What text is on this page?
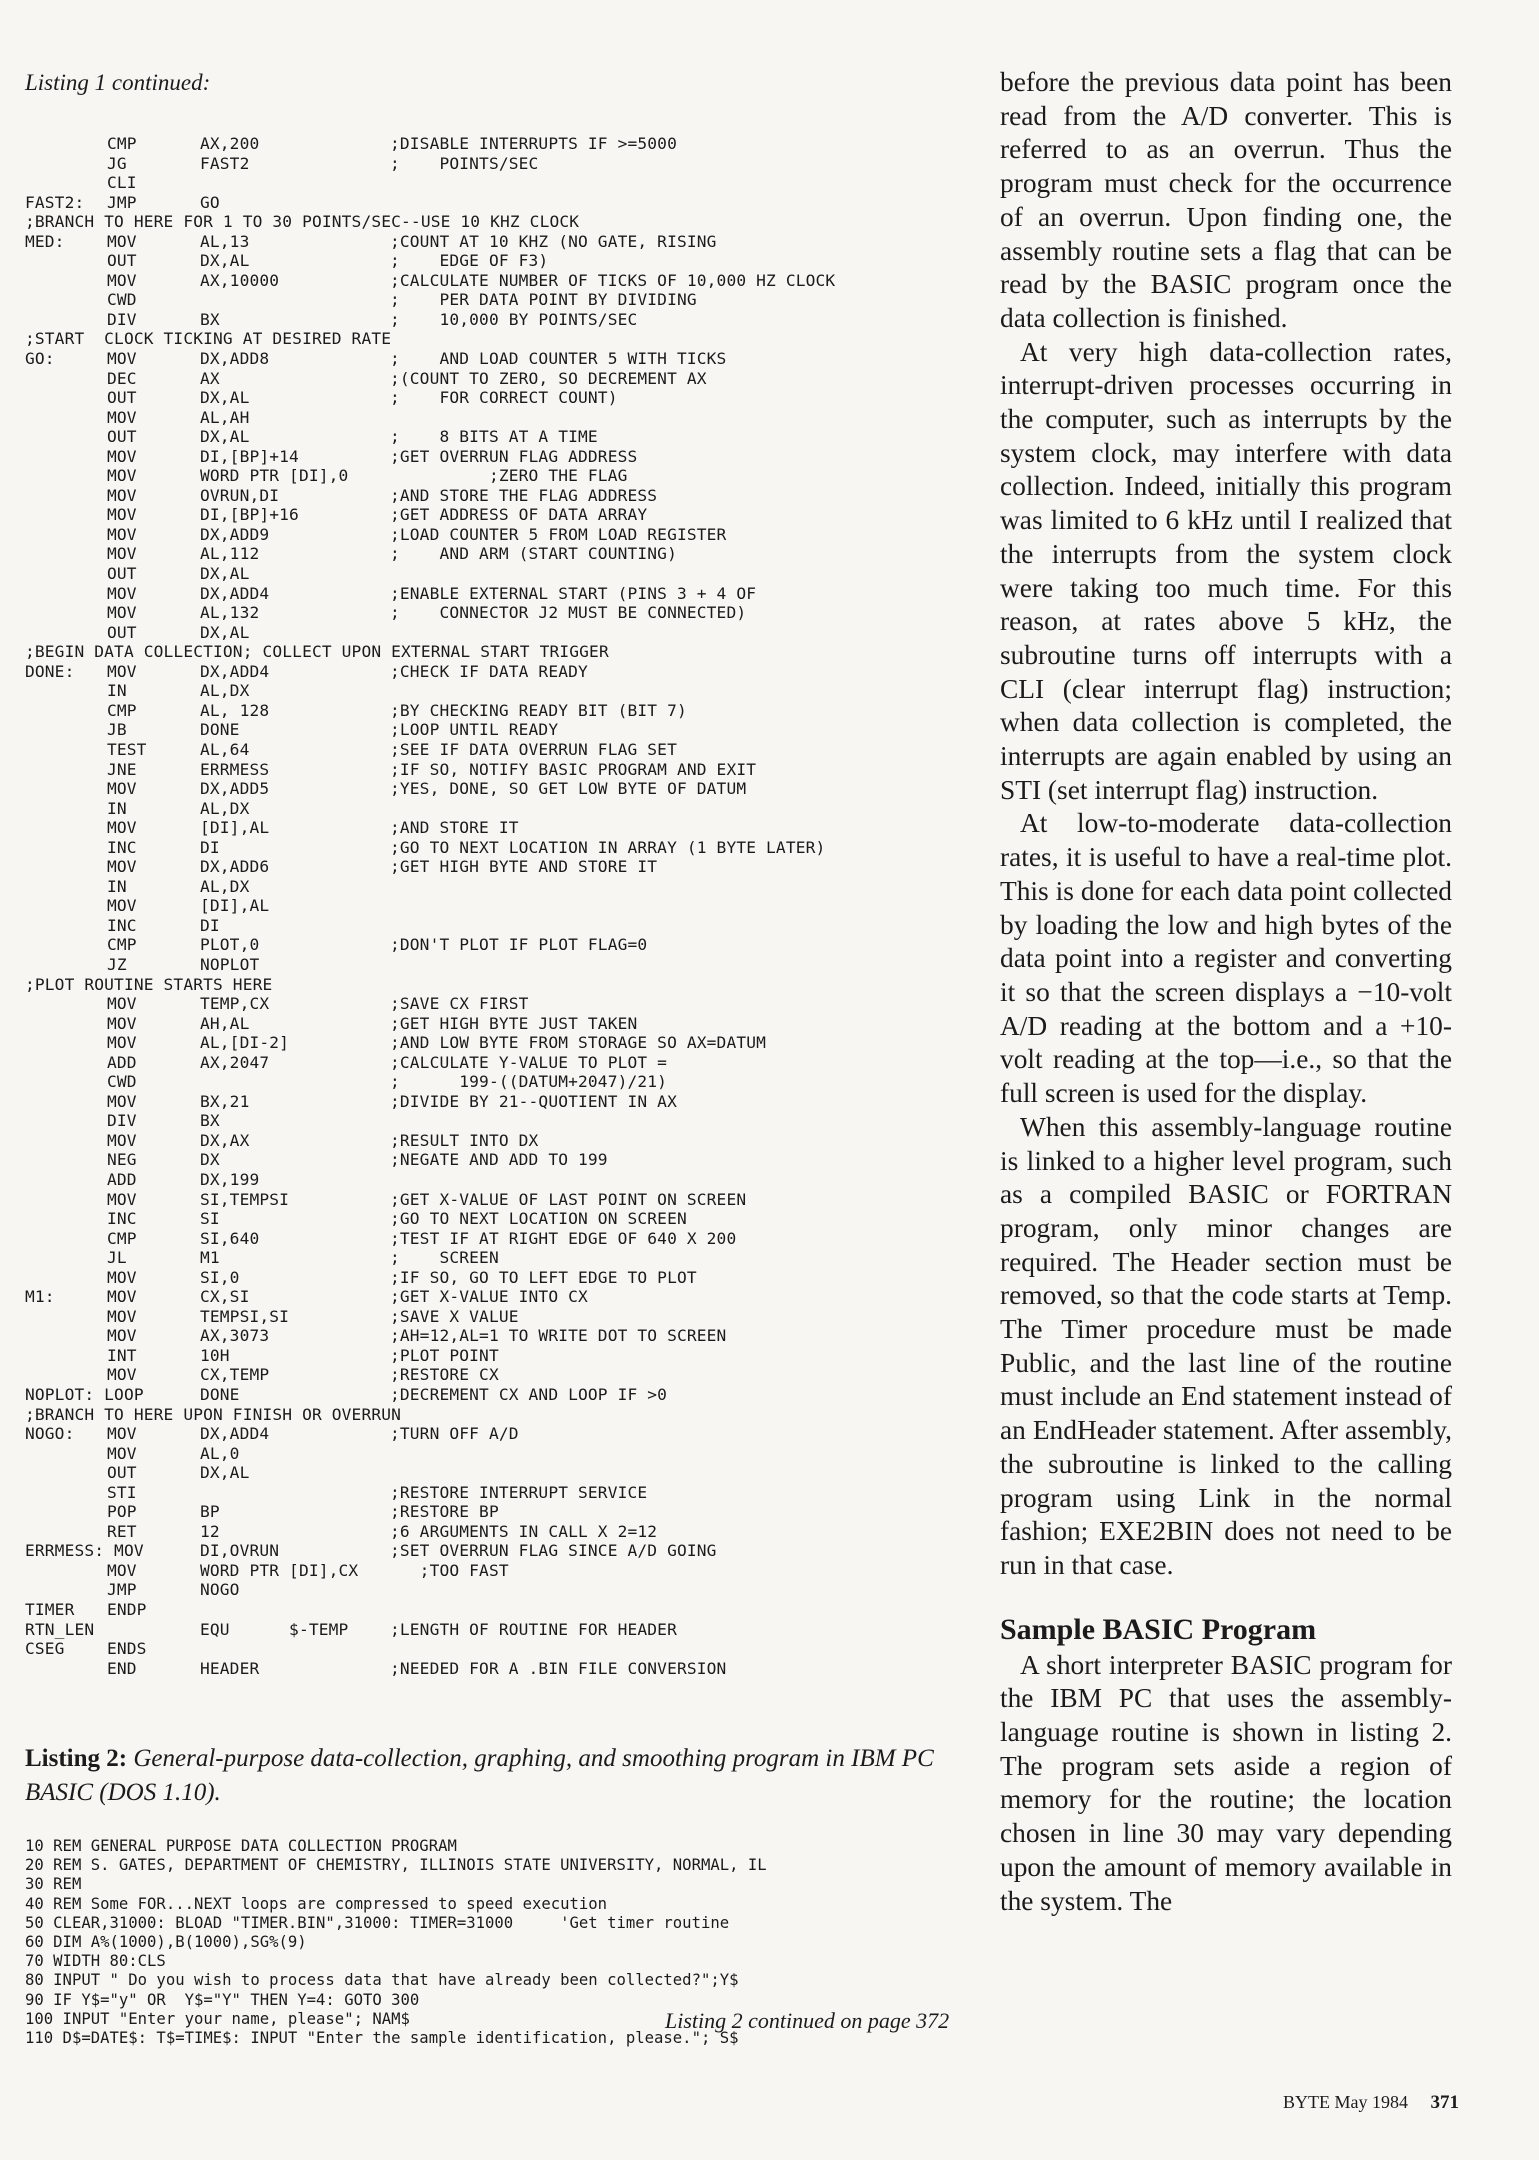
Listing 1 continued:
CMP	AX,200	;DISABLE INTERRUPTS IF >=5000
JG	FAST2	;    POINTS/SEC
CLI
FAST2: JMP	GO
;BRANCH TO HERE FOR 1 TO 30 POINTS/SEC--USE 10 KHZ CLOCK
MED:	MOV	AL,13	;COUNT AT 10 KHZ (NO GATE, RISING
OUT	DX,AL	;    EDGE OF F3)
MOV	AX,10000	;CALCULATE NUMBER OF TICKS OF 10,000 HZ CLOCK
CWD	;    PER DATA POINT BY DIVIDING
DIV	BX	;    10,000 BY POINTS/SEC
;START  CLOCK TICKING AT DESIRED RATE
GO:	MOV	DX,ADD8	;    AND LOAD COUNTER 5 WITH TICKS
DEC	AX	;(COUNT TO ZERO, SO DECREMENT AX
OUT	DX,AL	;    FOR CORRECT COUNT)
MOV	AL,AH
OUT	DX,AL	;    8 BITS AT A TIME
MOV	DI,[BP]+14	;GET OVERRUN FLAG ADDRESS
MOV	WORD PTR [DI],0	;ZERO THE FLAG
MOV	OVRUN,DI	;AND STORE THE FLAG ADDRESS
MOV	DI,[BP]+16	;GET ADDRESS OF DATA ARRAY
MOV	DX,ADD9	;LOAD COUNTER 5 FROM LOAD REGISTER
MOV	AL,112	;    AND ARM (START COUNTING)
OUT	DX,AL
MOV	DX,ADD4	;ENABLE EXTERNAL START (PINS 3 + 4 OF
MOV	AL,132	;    CONNECTOR J2 MUST BE CONNECTED)
OUT	DX,AL
;BEGIN DATA COLLECTION; COLLECT UPON EXTERNAL START TRIGGER
DONE: MOV	DX,ADD4	;CHECK IF DATA READY
IN	AL,DX
CMP	AL, 128	;BY CHECKING READY BIT (BIT 7)
JB	DONE	;LOOP UNTIL READY
TEST	AL,64	;SEE IF DATA OVERRUN FLAG SET
JNE	ERRMESS	;IF SO, NOTIFY BASIC PROGRAM AND EXIT
MOV	DX,ADD5	;YES, DONE, SO GET LOW BYTE OF DATUM
IN	AL,DX
MOV	[DI],AL	;AND STORE IT
INC	DI	;GO TO NEXT LOCATION IN ARRAY (1 BYTE LATER)
MOV	DX,ADD6	;GET HIGH BYTE AND STORE IT
IN	AL,DX
MOV	[DI],AL
INC	DI
CMP	PLOT,0	;DON'T PLOT IF PLOT FLAG=0
JZ	NOPLOT
;PLOT ROUTINE STARTS HERE
MOV	TEMP,CX	;SAVE CX FIRST
MOV	AH,AL	;GET HIGH BYTE JUST TAKEN
MOV	AL,[DI-2]	;AND LOW BYTE FROM STORAGE SO AX=DATUM
ADD	AX,2047	;CALCULATE Y-VALUE TO PLOT =
CWD	;      199-((DATUM+2047)/21)
MOV	BX,21	;DIVIDE BY 21--QUOTIENT IN AX
DIV	BX
MOV	DX,AX	;RESULT INTO DX
NEG	DX	;NEGATE AND ADD TO 199
ADD	DX,199
MOV	SI,TEMPSI	;GET X-VALUE OF LAST POINT ON SCREEN
INC	SI	;GO TO NEXT LOCATION ON SCREEN
CMP	SI,640	;TEST IF AT RIGHT EDGE OF 640 X 200
JL	M1	;    SCREEN
MOV	SI,0	;IF SO, GO TO LEFT EDGE TO PLOT
M1:	MOV	CX,SI	;GET X-VALUE INTO CX
MOV	TEMPSI,SI	;SAVE X VALUE
MOV	AX,3073	;AH=12,AL=1 TO WRITE DOT TO SCREEN
INT	10H	;PLOT POINT
MOV	CX,TEMP	;RESTORE CX
NOPLOT: LOOP	DONE	;DECREMENT CX AND LOOP IF >0
;BRANCH TO HERE UPON FINISH OR OVERRUN
NOGO: MOV	DX,ADD4	;TURN OFF A/D
MOV	AL,0
OUT	DX,AL
STI	;RESTORE INTERRUPT SERVICE
POP	BP	;RESTORE BP
RET	12	;6 ARGUMENTS IN CALL X 2=12
ERRMESS: MOV	DI,OVRUN	;SET OVERRUN FLAG SINCE A/D GOING
MOV	WORD PTR [DI],CX ;TOO FAST
JMP	NOGO
TIMER ENDP
RTN_LEN	EQU      $-TEMP	;LENGTH OF ROUTINE FOR HEADER
CSEG	ENDS
END	HEADER	;NEEDED FOR A .BIN FILE CONVERSION
Listing 2: General-purpose data-collection, graphing, and smoothing program in IBM PC BASIC (DOS 1.10).
10 REM GENERAL PURPOSE DATA COLLECTION PROGRAM
20 REM S. GATES, DEPARTMENT OF CHEMISTRY, ILLINOIS STATE UNIVERSITY, NORMAL, IL
30 REM
40 REM Some FOR...NEXT loops are compressed to speed execution
50 CLEAR,31000: BLOAD "TIMER.BIN",31000: TIMER=31000     'Get timer routine
60 DIM A%(1000),B(1000),SG%(9)
70 WIDTH 80:CLS
80 INPUT " Do you wish to process data that have already been collected?";Y$
90 IF Y$="y" OR  Y$="Y" THEN Y=4: GOTO 300
100 INPUT "Enter your name, please"; NAM$
110 D$=DATE$: T$=TIME$: INPUT "Enter the sample identification, please."; S$
Listing 2 continued on page 372

before the previous data point has been read from the A/D converter. This is referred to as an overrun. Thus the program must check for the occurrence of an overrun. Upon finding one, the assembly routine sets a flag that can be read by the BASIC program once the data collection is finished.

At very high data-collection rates, interrupt-driven processes occurring in the computer, such as interrupts by the system clock, may interfere with data collection. Indeed, initially this program was limited to 6 kHz until I realized that the interrupts from the system clock were taking too much time. For this reason, at rates above 5 kHz, the subroutine turns off interrupts with a CLI (clear interrupt flag) instruction; when data collection is completed, the interrupts are again enabled by using an STI (set interrupt flag) instruction.

At low-to-moderate data-collection rates, it is useful to have a real-time plot. This is done for each data point collected by loading the low and high bytes of the data point into a register and converting it so that the screen displays a −10-volt A/D reading at the bottom and a +10-volt reading at the top—i.e., so that the full screen is used for the display.

When this assembly-language routine is linked to a higher level program, such as a compiled BASIC or FORTRAN program, only minor changes are required. The Header section must be removed, so that the code starts at Temp. The Timer procedure must be made Public, and the last line of the routine must include an End statement instead of an EndHeader statement. After assembly, the subroutine is linked to the calling program using Link in the normal fashion; EXE2BIN does not need to be run in that case.

Sample BASIC Program

A short interpreter BASIC program for the IBM PC that uses the assembly-language routine is shown in listing 2. The program sets aside a region of memory for the routine; the location chosen in line 30 may vary depending upon the amount of memory available in the system. The

BYTE May 1984 371
